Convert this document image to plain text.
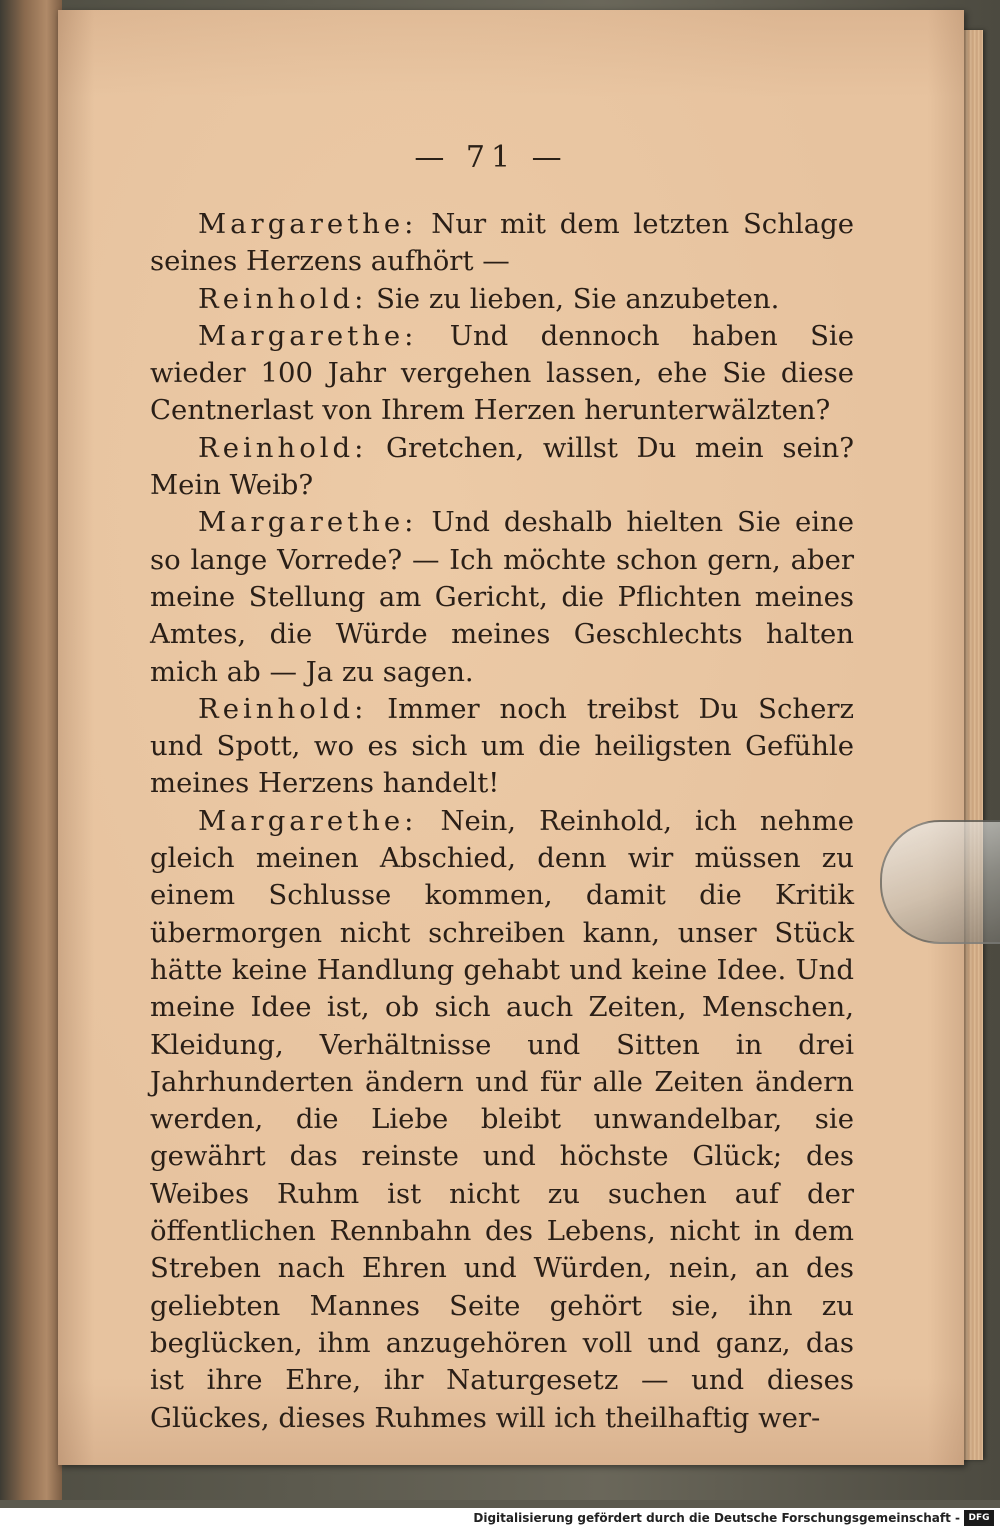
— 71 —

Margarethe: Nur mit dem letzten Schlage seines Herzens aufhört —

Reinhold: Sie zu lieben, Sie anzubeten.

Margarethe: Und dennoch haben Sie wieder 100 Jahr vergehen lassen, ehe Sie diese Centnerlast von Ihrem Herzen herunterwälzten?

Reinhold: Gretchen, willst Du mein sein? Mein Weib?

Margarethe: Und deshalb hielten Sie eine so lange Vorrede? — Ich möchte schon gern, aber meine Stellung am Gericht, die Pflichten meines Amtes, die Würde meines Geschlechts halten mich ab — Ja zu sagen.

Reinhold: Immer noch treibst Du Scherz und Spott, wo es sich um die heiligsten Gefühle meines Herzens handelt!

Margarethe: Nein, Reinhold, ich nehme gleich meinen Abschied, denn wir müssen zu einem Schlusse kommen, damit die Kritik übermorgen nicht schreiben kann, unser Stück hätte keine Handlung gehabt und keine Idee. Und meine Idee ist, ob sich auch Zeiten, Menschen, Kleidung, Verhältnisse und Sitten in drei Jahrhunderten ändern und für alle Zeiten ändern werden, die Liebe bleibt unwandelbar, sie gewährt das reinste und höchste Glück; des Weibes Ruhm ist nicht zu suchen auf der öffentlichen Rennbahn des Lebens, nicht in dem Streben nach Ehren und Würden, nein, an des geliebten Mannes Seite gehört sie, ihn zu beglücken, ihm anzugehören voll und ganz, das ist ihre Ehre, ihr Naturgesetz — und dieses Glückes, dieses Ruhmes will ich theilhaftig wer-

Digitalisierung gefördert durch die Deutsche Forschungsgemeinschaft - DFG
